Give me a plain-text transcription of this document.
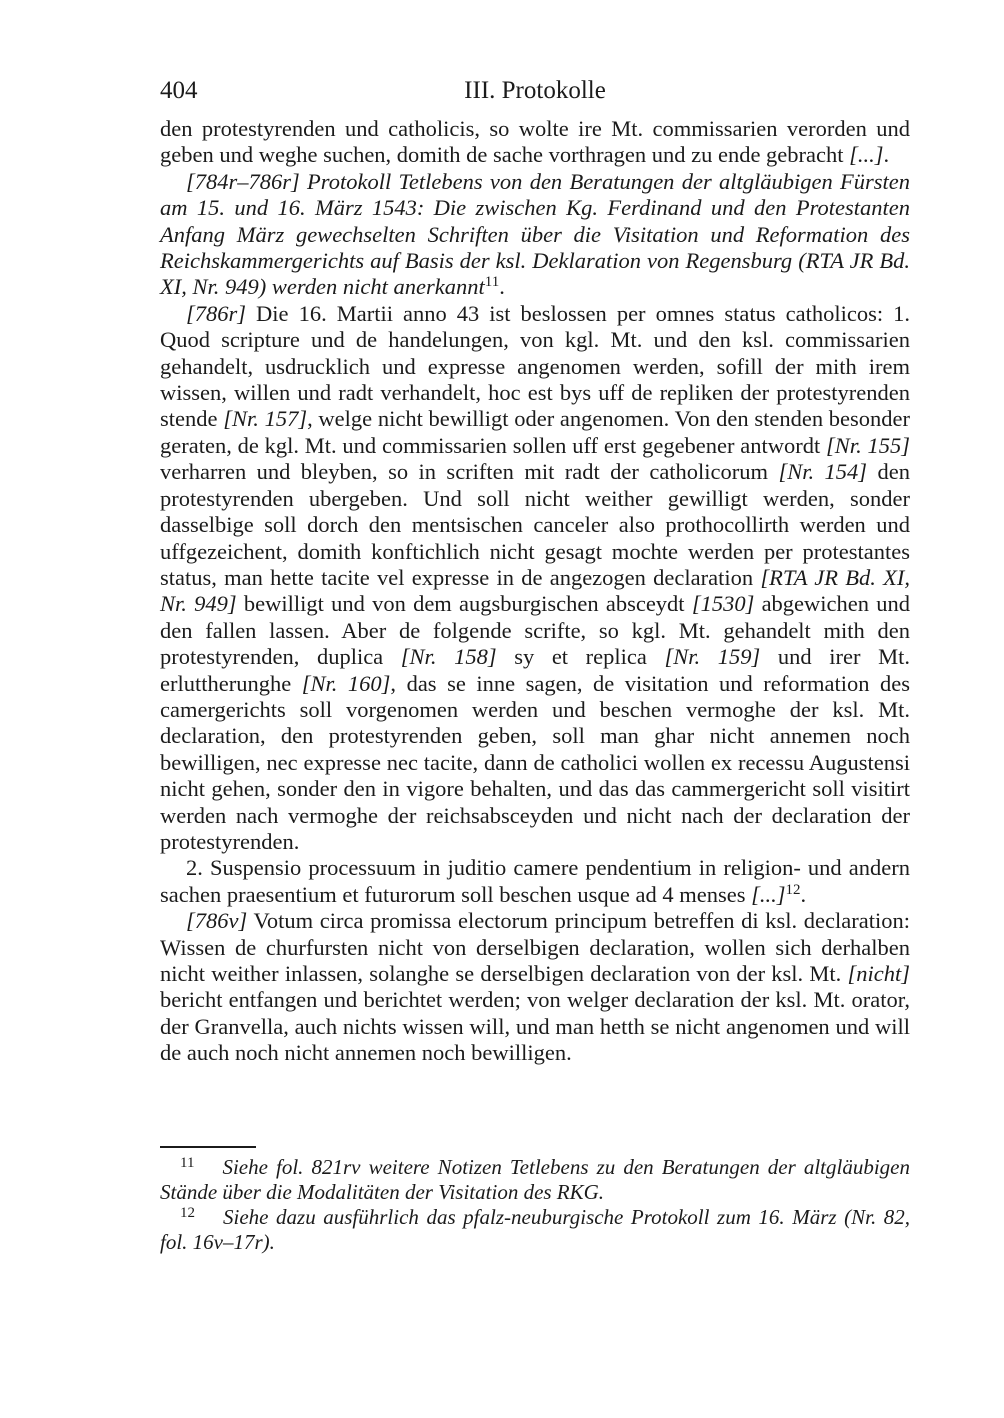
404	III. Protokolle

den protestyrenden und catholicis, so wolte ire Mt. commissarien verorden und geben und weghe suchen, domith de sache vorthragen und zu ende gebracht [...].

[784r–786r] Protokoll Tetlebens von den Beratungen der altgläubigen Fürsten am 15. und 16. März 1543: Die zwischen Kg. Ferdinand und den Protestanten Anfang März gewechselten Schriften über die Visitation und Reformation des Reichskammergerichts auf Basis der ksl. Deklaration von Regensburg (RTA JR Bd. XI, Nr. 949) werden nicht anerkannt$^{11}$.

[786r] Die 16. Martii anno 43 ist beslossen per omnes status catholicos: 1. Quod scripture und de handelungen, von kgl. Mt. und den ksl. commissarien gehandelt, usdrucklich und expresse angenomen werden, sofill der mith irem wissen, willen und radt verhandelt, hoc est bys uff de repliken der protestyrenden stende [Nr. 157], welge nicht bewilligt oder angenomen. Von den stenden besonder geraten, de kgl. Mt. und commissarien sollen uff erst gegebener antwordt [Nr. 155] verharren und bleyben, so in scriften mit radt der catholicorum [Nr. 154] den protestyrenden ubergeben. Und soll nicht weither gewilligt werden, sonder dasselbige soll dorch den mentsischen canceler also prothocollirth werden und uffgezeichent, domith konftichlich nicht gesagt mochte werden per protestantes status, man hette tacite vel expresse in de angezogen declaration [RTA JR Bd. XI, Nr. 949] bewilligt und von dem augsburgischen absceydt [1530] abgewichen und den fallen lassen. Aber de folgende scrifte, so kgl. Mt. gehandelt mith den protestyrenden, duplica [Nr. 158] sy et replica [Nr. 159] und irer Mt. erluttherunghe [Nr. 160], das se inne sagen, de visitation und reformation des camergerichts soll vorgenomen werden und beschen vermoghe der ksl. Mt. declaration, den protestyrenden geben, soll man ghar nicht annemen noch bewilligen, nec expresse nec tacite, dann de catholici wollen ex recessu Augustensi nicht gehen, sonder den in vigore behalten, und das das cammergericht soll visitirt werden nach vermoghe der reichsabsceyden und nicht nach der declaration der protestyrenden.

2. Suspensio processuum in juditio camere pendentium in religion- und andern sachen praesentium et futurorum soll beschen usque ad 4 menses [...]$^{12}$.

[786v] Votum circa promissa electorum principum betreffen di ksl. declaration: Wissen de churfursten nicht von derselbigen declaration, wollen sich derhalben nicht weither inlassen, solanghe se derselbigen declaration von der ksl. Mt. [nicht] bericht entfangen und berichtet werden; von welger declaration der ksl. Mt. orator, der Granvella, auch nichts wissen will, und man hetth se nicht angenomen und will de auch noch nicht annemen noch bewilligen.

$^{11}$ Siehe fol. 821rv weitere Notizen Tetlebens zu den Beratungen der altgläubigen Stände über die Modalitäten der Visitation des RKG.

$^{12}$ Siehe dazu ausführlich das pfalz-neuburgische Protokoll zum 16. März (Nr. 82, fol. 16v–17r).
